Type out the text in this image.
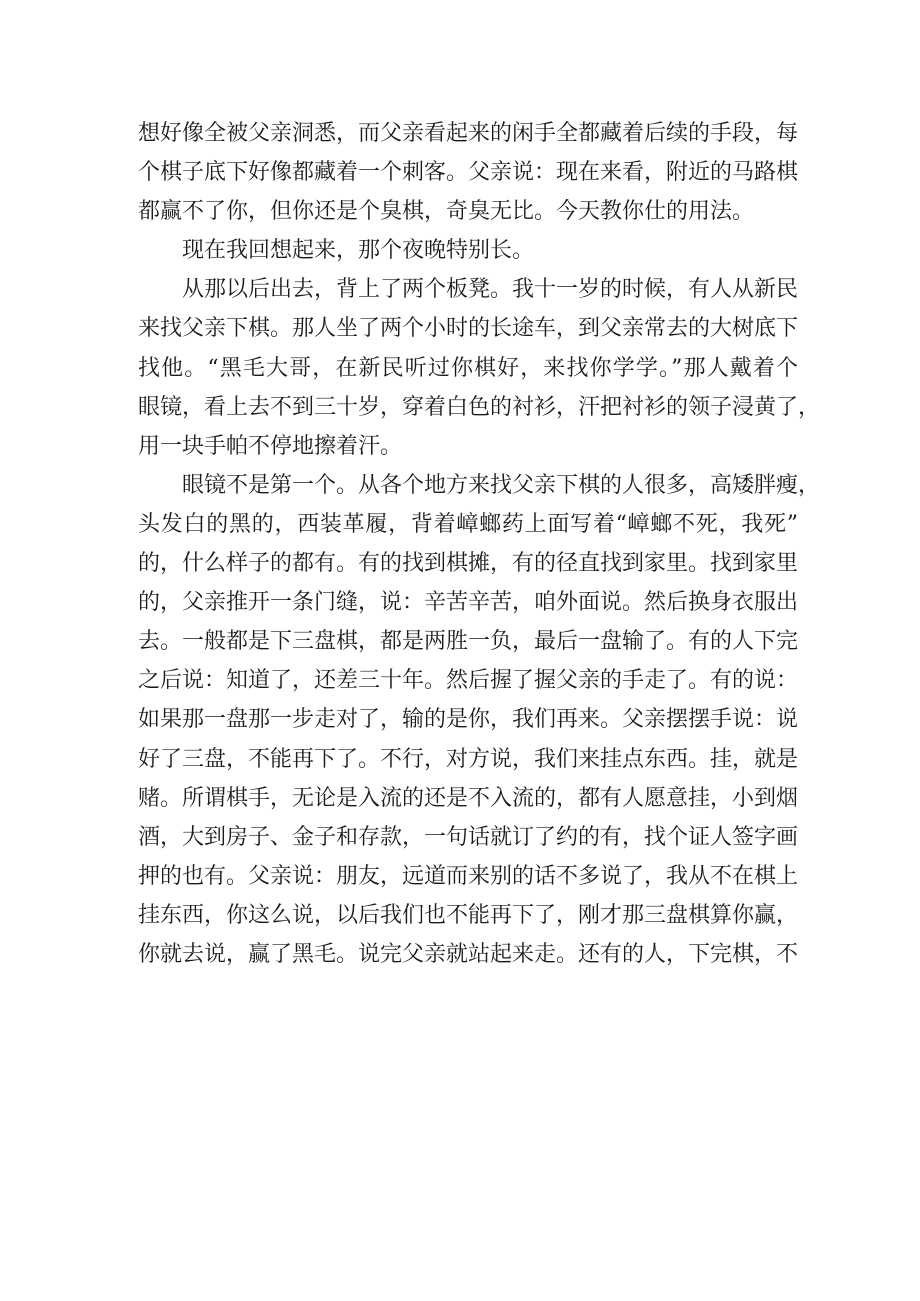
想好像全被父亲洞悉，而父亲看起来的闲手全都藏着后续的手段，每
个棋子底下好像都藏着一个刺客。父亲说：现在来看，附近的马路棋
都赢不了你，但你还是个臭棋，奇臭无比。今天教你仕的用法。
现在我回想起来，那个夜晚特别长。
从那以后出去，背上了两个板凳。我十一岁的时候，有人从新民
来找父亲下棋。那人坐了两个小时的长途车，到父亲常去的大树底下
找他。“黑毛大哥，在新民听过你棋好，来找你学学。”那人戴着个
眼镜，看上去不到三十岁，穿着白色的衬衫，汗把衬衫的领子浸黄了，
用一块手帕不停地擦着汗。
眼镜不是第一个。从各个地方来找父亲下棋的人很多，高矮胖瘦，
头发白的黑的，西装革履，背着嶂螂药上面写着“嶂螂不死，我死”
的，什么样子的都有。有的找到棋摊，有的径直找到家里。找到家里
的，父亲推开一条门缝，说：辛苦辛苦，咱外面说。然后换身衣服出
去。一般都是下三盘棋，都是两胜一负，最后一盘输了。有的人下完
之后说：知道了，还差三十年。然后握了握父亲的手走了。有的说：
如果那一盘那一步走对了，输的是你，我们再来。父亲摆摆手说：说
好了三盘，不能再下了。不行，对方说，我们来挂点东西。挂，就是
赌。所谓棋手，无论是入流的还是不入流的，都有人愿意挂，小到烟
酒，大到房子、金子和存款，一句话就订了约的有，找个证人签字画
押的也有。父亲说：朋友，远道而来别的话不多说了，我从不在棋上
挂东西，你这么说，以后我们也不能再下了，刚才那三盘棋算你赢，
你就去说，赢了黑毛。说完父亲就站起来走。还有的人，下完棋，不
